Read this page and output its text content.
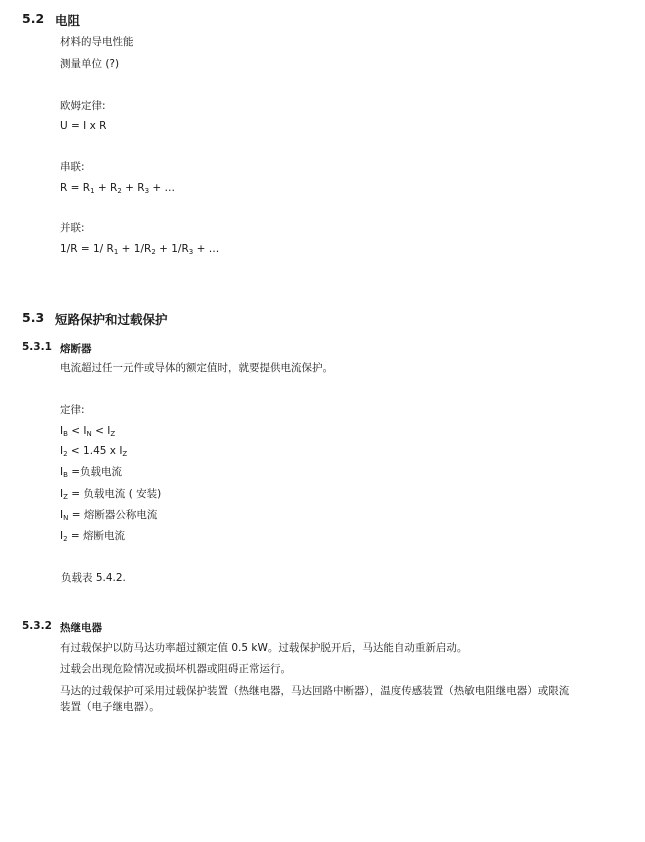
5.2 电阻
材料的导电性能
测量单位 (?)
欧姆定律:
U = I x R
串联:
$R = R_1 + R_2 + R_3$ + …
并联:
1/R = 1/ $R_1 + 1/R_2 + 1/R_3$ + …
5.3 短路保护和过载保护
5.3.1 熔断器
电流超过任一元件或导体的额定值时，就要提供电流保护。
定律:
$I_B < I_N < I_Z$
$I_2 < 1.45$ x $I_Z$
$I_B$ =负载电流
$I_Z$ = 负载电流 ( 安装)
$I_N$ = 熔断器公称电流
$I_2$ = 熔断电流
负载表 5.4.2.
5.3.2 热继电器
有过载保护以防马达功率超过额定值 0.5 kW。过载保护脱开后，马达能自动重新启动。
过载会出现危险情况或损坏机器或阻碍正常运行。
马达的过载保护可采用过载保护装置（热继电器，马达回路中断器），温度传感装置（热敏电阻继电器）或限流
装置（电子继电器）。
